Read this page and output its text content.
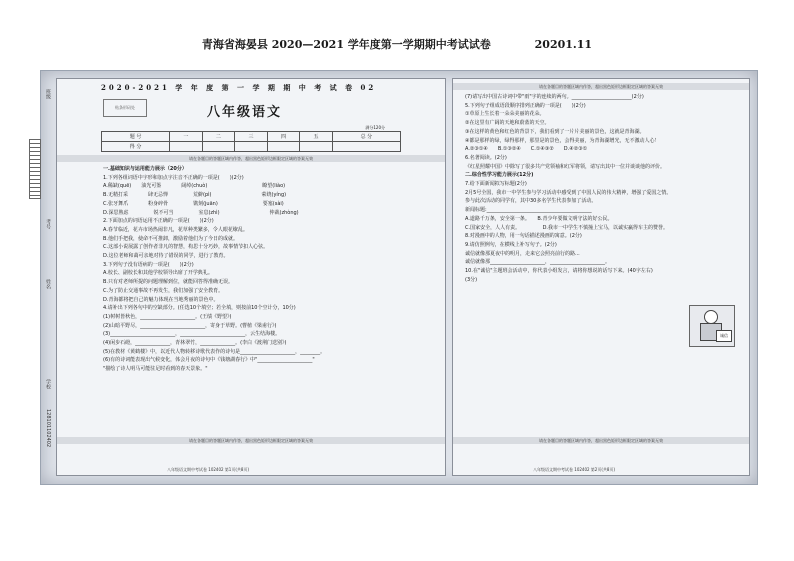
青海省海晏县 2020—2021 学年度第一学期期中考试试卷	20201.11
班级
姓名
考号
学校
128101102402
2020-2021 学 年 度 第 一 学 期 期 中 考 试 卷 02
贴条形码处	八年级语文
满分120分
题 号	一	二	三	四	五	总 分
得 分						
请在各题目的答题区域内作答，超出黑色矩形边框限定区域的答案无效
一.基础知识与运用能力展示（20分）
1.下列各组词语中字形和加点字注音不正确的一项是(　　)(2分)
A.稀缺(quē)　　油光可鉴　　　　阔绰(chuò)　　　　　　　　　　　瞭望(liào)
B.无精打采　　　　肆无忌惮　　　　　荒僻(pì)　　　　　　　　　　萦绕(yíng)
C.张牙舞爪　　　　粉身碎骨　　　　　镌刻(juān)　　　　　　　　　要塞(sài)
D.深思熟虑　　　　　锐不可当　　　　　室息(zhì)　　　　　　　　　　仲裁(zhòng)
2.下面加点的词语运用不正确的一项是(　　)(2分)
A.春节临近，花卉市场热闹非凡，花草种类繁多，令人眼花缭乱。
B.他们手把我，使命不可推卸，激励着他们为了今日的成就。
C.这部小说展露了创作者非凡的智慧，构思十分巧妙，故事情节扣人心弦。
D.这位老师和蔼可亲地对待了错误的同学，进行了教育。
3.下列句子没有语病的一项是(　　)(2分)
A.校长、副校长和其他学校领导出席了开学典礼。
B.只有对老师所提的问题理解到位，就能回答得准确无误。
C.为了防止交通事故不再发生，我们加强了安全教育。
D.青海都将把自己的魅力体现在当地秀丽的景色中。
4.请补出下列各句中的空缺部分。(任选10个填空；若全填，则按前10个空计分，10分)
(1)树树皆秋色，______________________。(王绩《野望》)
(2)山暗平野尽，__________________________，寄身于草野。(曹植《梁甫行》)
(3)__________________________，__________________________，云生结海楼。
(4)闲步石磴，______________，青林翠竹，______________。(李白《渡荆门送别》)
(5)在教材《黄鹤楼》中，以近代人物转移诗歌代表作的诗句是______________________，________。
(6)有的诗词能表现出气候变化，体会月夜的诗句中《钱塘湖春行》中"______________________"
"描绘了诗人明马可能驻足时看到的春天景象。"
请在各题目的答题区域内作答，超出黑色矩形边框限定区域的答案无效
八年级语文期中考试卷 102402 第1页(共8页)
请在各题目的答题区域内作答，超出黑色矩形边框限定区域的答案无效
(7)请写出中国古诗词中带"雨"字的连续的两句。________________________(2分)
5.下列句子组成语段顺序排列正确的一项是(　　)(2分)
①草原上生长着一朵朵美丽的花朵。
②在这里有广阔的天地和蔚蓝的天空。
③在这样的黄色和红色的背景下，我们看到了一片片美丽的景色，这就是青海湖。
④都是那样的绿，绿得那样，那里是的景色，会得美丽，为青海湖增光，无不激动人心！
A.②③①④　　B.①③②④　　C.①④③②　　D.④②③①
6.名著阅读。(2分)
《红星照耀中国》中除写了很多共产党领袖和红军将领，请写出其中一位并谈谈他的评价。
二.综合性学习能力展示(12分)
7.给下面新闻拟写标题(2分)
2月5号全国，我市一中学生参与学习活动中感受到了中国人民的伟大精神，增强了爱国之情。
参与此次活动的同学有，其中30多名学生代表参加了活动。
新闻标题:__________________________________________
A.道路千万条，安全第一条。　　B.青少年要做文明守法的好公民。
C.国家安全，人人有责。　　　　　D.我市一中学生不慎撞上宝马，以诚实赢得车主的赞誉。
8.对漫画中的人物，用一句话描述漫画的寓意。(2分)
9.请仿照例句，在横线上补写句子。(2分)
诚信就像那夏夜中的明月，走来它会照亮前行的路...
诚信就像那______________________，______________________。
10.在"诚信"主题班会活动中，你代表小组发言，请将你想说的话写下来。(40字左右)
(3分)
诚信
请在各题目的答题区域内作答，超出黑色矩形边框限定区域的答案无效
八年级语文期中考试卷 102402 第2页(共8页)
